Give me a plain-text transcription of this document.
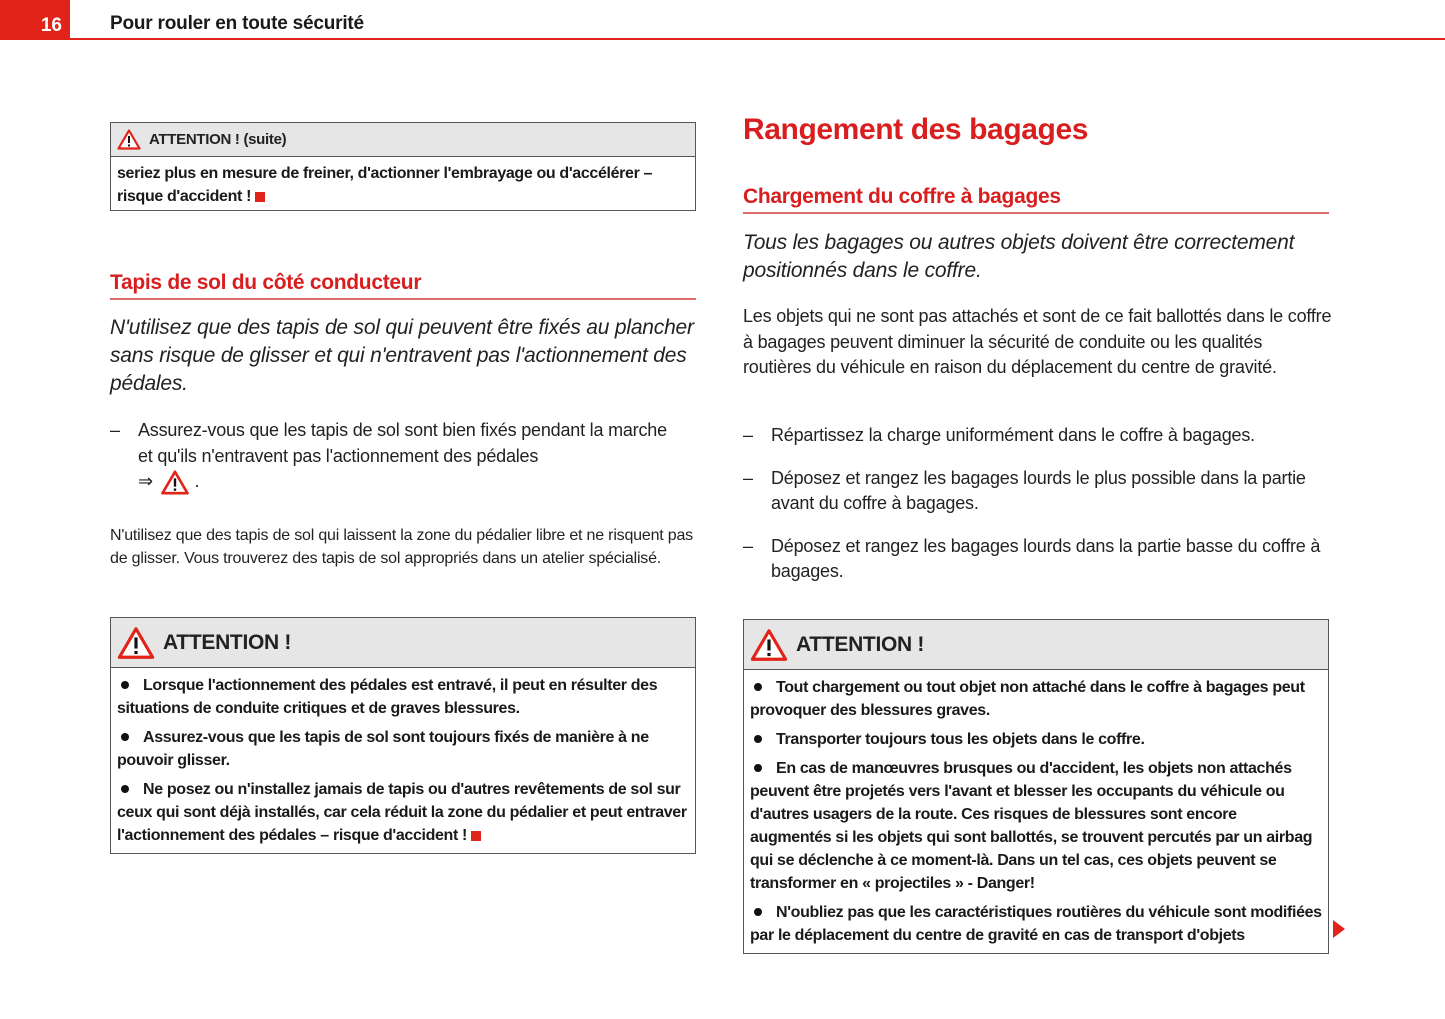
16	Pour rouler en toute sécurité
ATTENTION ! (suite)

seriez plus en mesure de freiner, d'actionner l'embrayage ou d'accélérer – risque d'accident !

Tapis de sol du côté conducteur
N'utilisez que des tapis de sol qui peuvent être fixés au plancher sans risque de glisser et qui n'entravent pas l'actionnement des pédales.
– Assurez-vous que les tapis de sol sont bien fixés pendant la marche et qu'ils n'entravent pas l'actionnement des pédales
⇒ .
N'utilisez que des tapis de sol qui laissent la zone du pédalier libre et ne risquent pas de glisser. Vous trouverez des tapis de sol appropriés dans un atelier spécialisé.
ATTENTION !

Lorsque l'actionnement des pédales est entravé, il peut en résulter des situations de conduite critiques et de graves blessures.

Assurez-vous que les tapis de sol sont toujours fixés de manière à ne pouvoir glisser.

Ne posez ou n'installez jamais de tapis ou d'autres revêtements de sol sur ceux qui sont déjà installés, car cela réduit la zone du pédalier et peut entraver l'actionnement des pédales – risque d'accident !

Rangement des bagages
Chargement du coffre à bagages
Tous les bagages ou autres objets doivent être correctement positionnés dans le coffre.
Les objets qui ne sont pas attachés et sont de ce fait ballottés dans le coffre à bagages peuvent diminuer la sécurité de conduite ou les qualités routières du véhicule en raison du déplacement du centre de gravité.
– Répartissez la charge uniformément dans le coffre à bagages.
– Déposez et rangez les bagages lourds le plus possible dans la partie avant du coffre à bagages.
– Déposez et rangez les bagages lourds dans la partie basse du coffre à bagages.
ATTENTION !

Tout chargement ou tout objet non attaché dans le coffre à bagages peut provoquer des blessures graves.

Transporter toujours tous les objets dans le coffre.

En cas de manœuvres brusques ou d'accident, les objets non attachés peuvent être projetés vers l'avant et blesser les occupants du véhicule ou d'autres usagers de la route. Ces risques de blessures sont encore augmentés si les objets qui sont ballottés, se trouvent percutés par un airbag qui se déclenche à ce moment-là. Dans un tel cas, ces objets peuvent se transformer en « projectiles » - Danger!

N'oubliez pas que les caractéristiques routières du véhicule sont modifiées par le déplacement du centre de gravité en cas de transport d'objets
